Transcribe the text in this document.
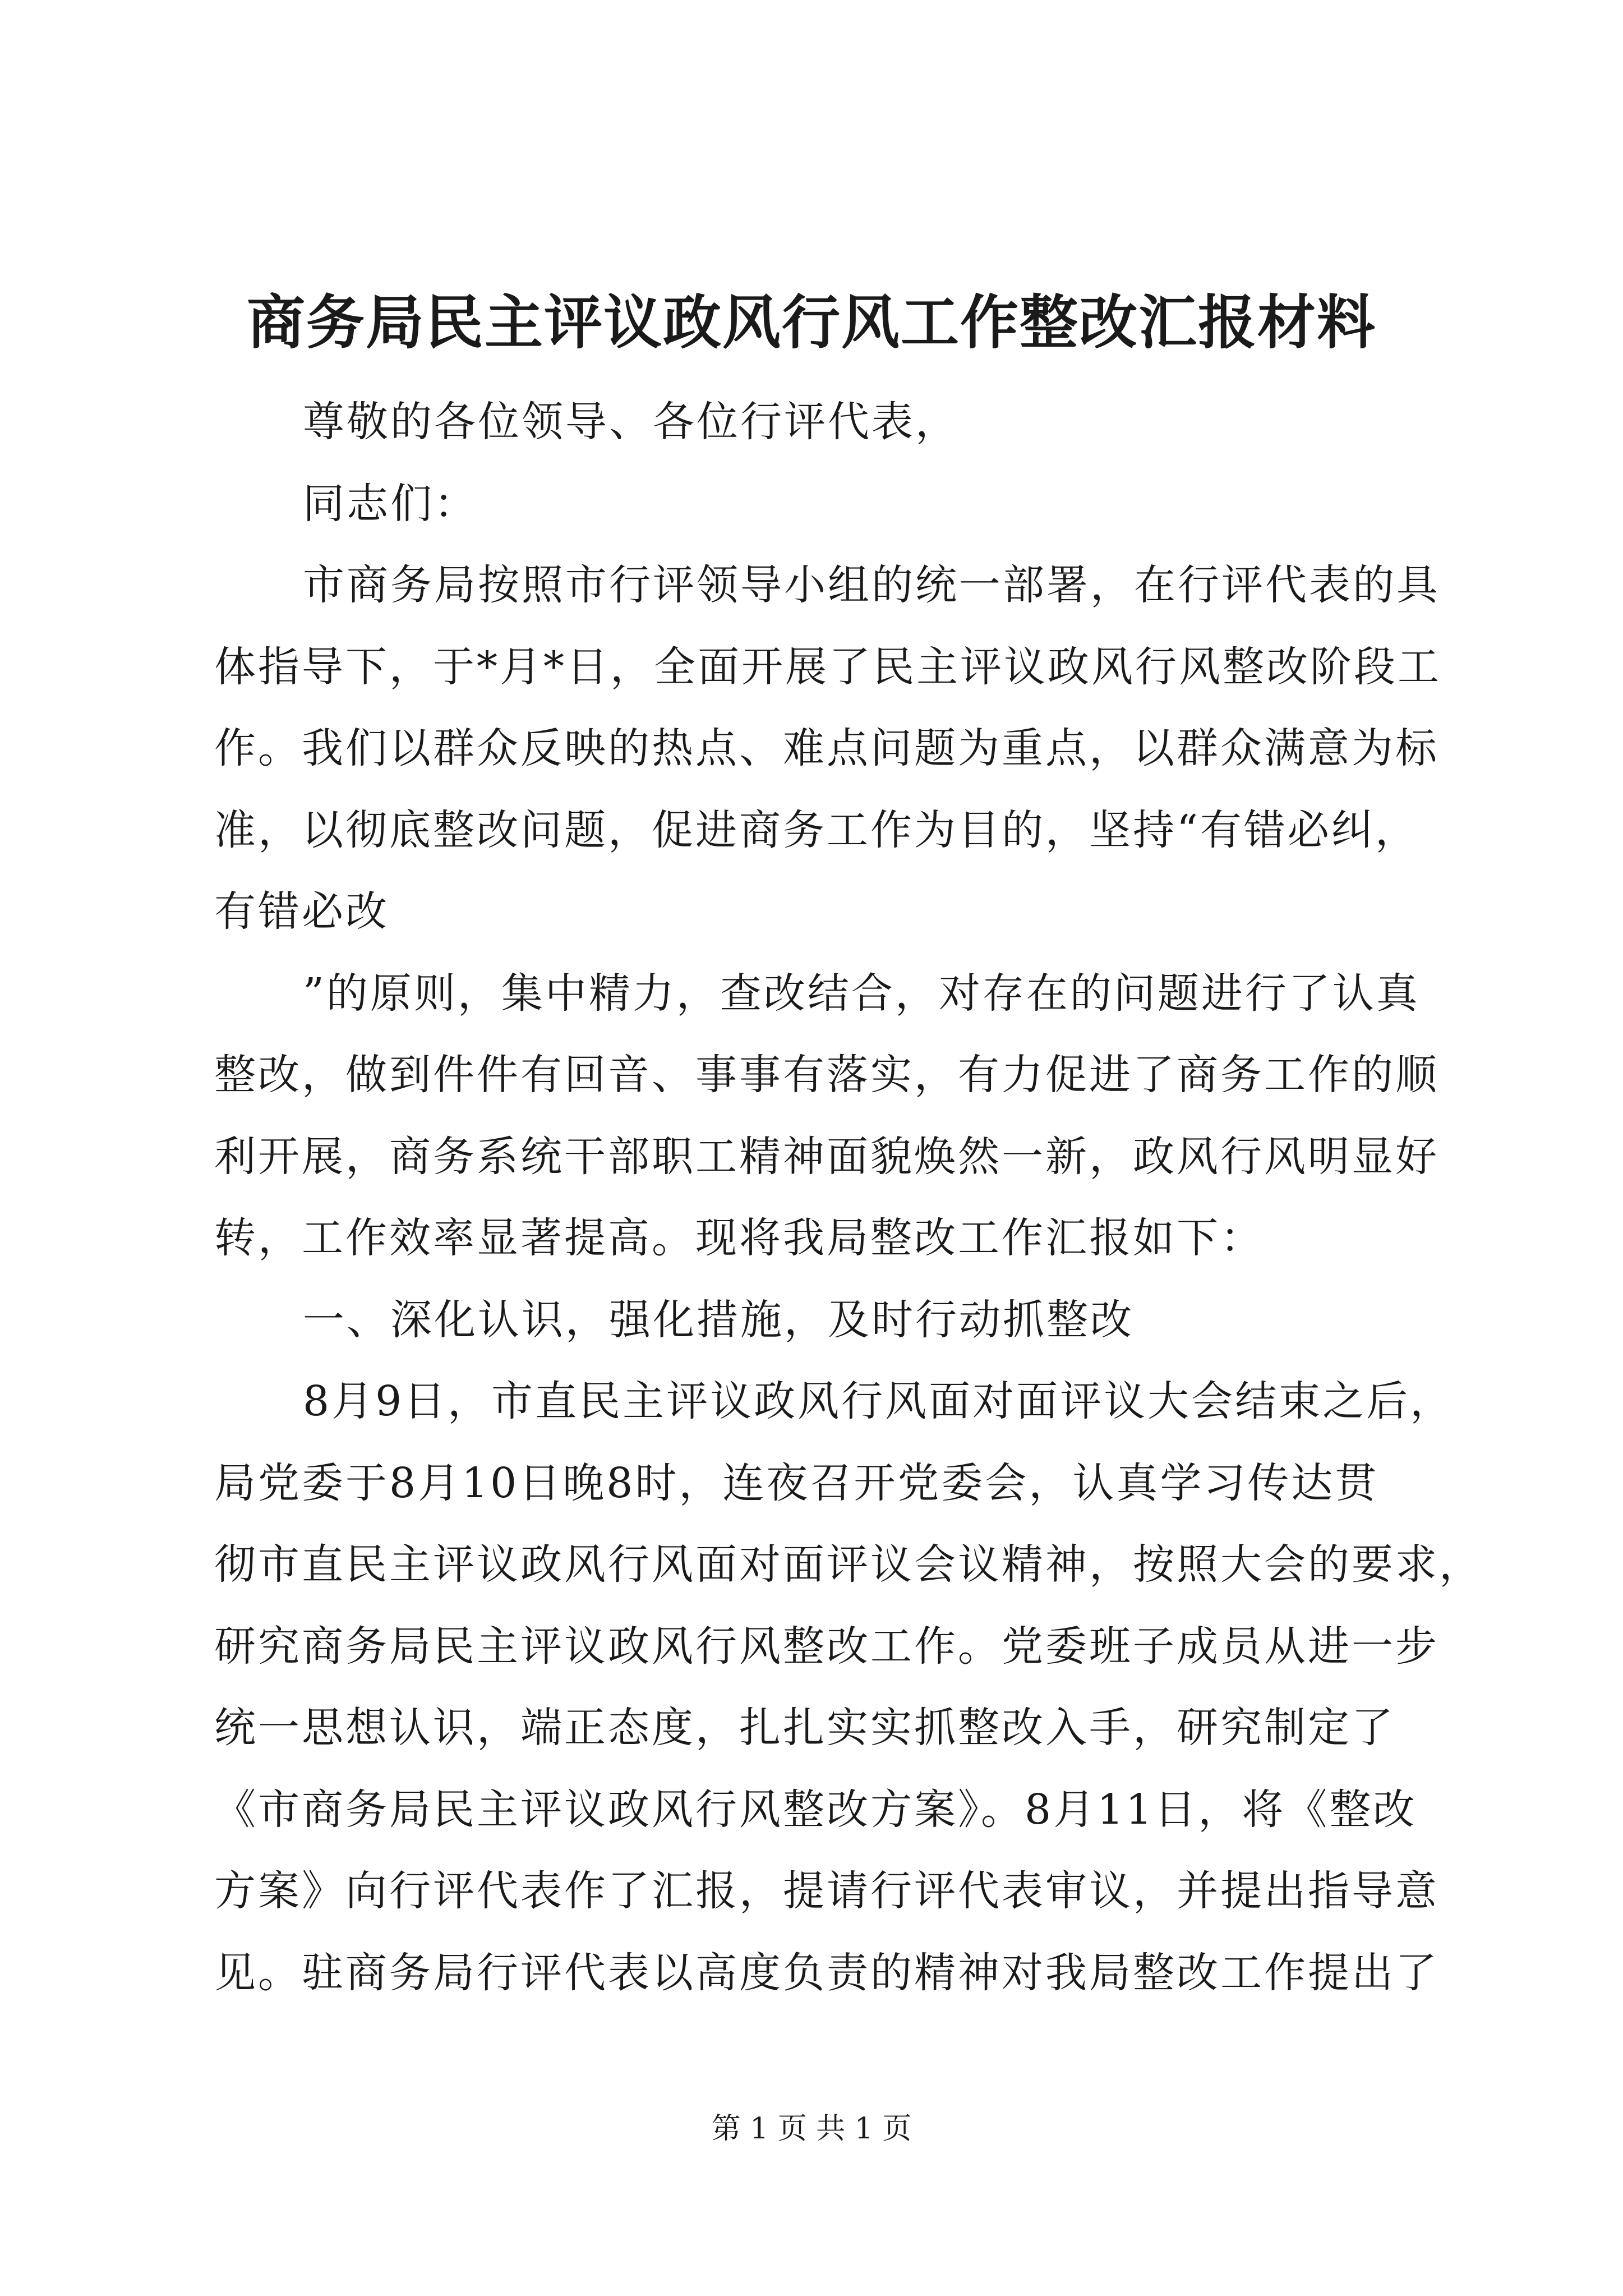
商务局民主评议政风行风工作整改汇报材料
尊敬的各位领导、各位行评代表，
同志们：
市商务局按照市行评领导小组的统一部署，在行评代表的具
体指导下，于*月*日，全面开展了民主评议政风行风整改阶段工
作。我们以群众反映的热点、难点问题为重点，以群众满意为标
准，以彻底整改问题，促进商务工作为目的，坚持“有错必纠，
有错必改
”的原则，集中精力，查改结合，对存在的问题进行了认真
整改，做到件件有回音、事事有落实，有力促进了商务工作的顺
利开展，商务系统干部职工精神面貌焕然一新，政风行风明显好
转，工作效率显著提高。现将我局整改工作汇报如下：
一、深化认识，强化措施，及时行动抓整改
8月9日，市直民主评议政风行风面对面评议大会结束之后，
局党委于8月10日晚8时，连夜召开党委会，认真学习传达贯
彻市直民主评议政风行风面对面评议会议精神，按照大会的要求，
研究商务局民主评议政风行风整改工作。党委班子成员从进一步
统一思想认识，端正态度，扎扎实实抓整改入手，研究制定了
《市商务局民主评议政风行风整改方案》。8月11日，将《整改
方案》向行评代表作了汇报，提请行评代表审议，并提出指导意
见。驻商务局行评代表以高度负责的精神对我局整改工作提出了
第 1 页 共 1 页
